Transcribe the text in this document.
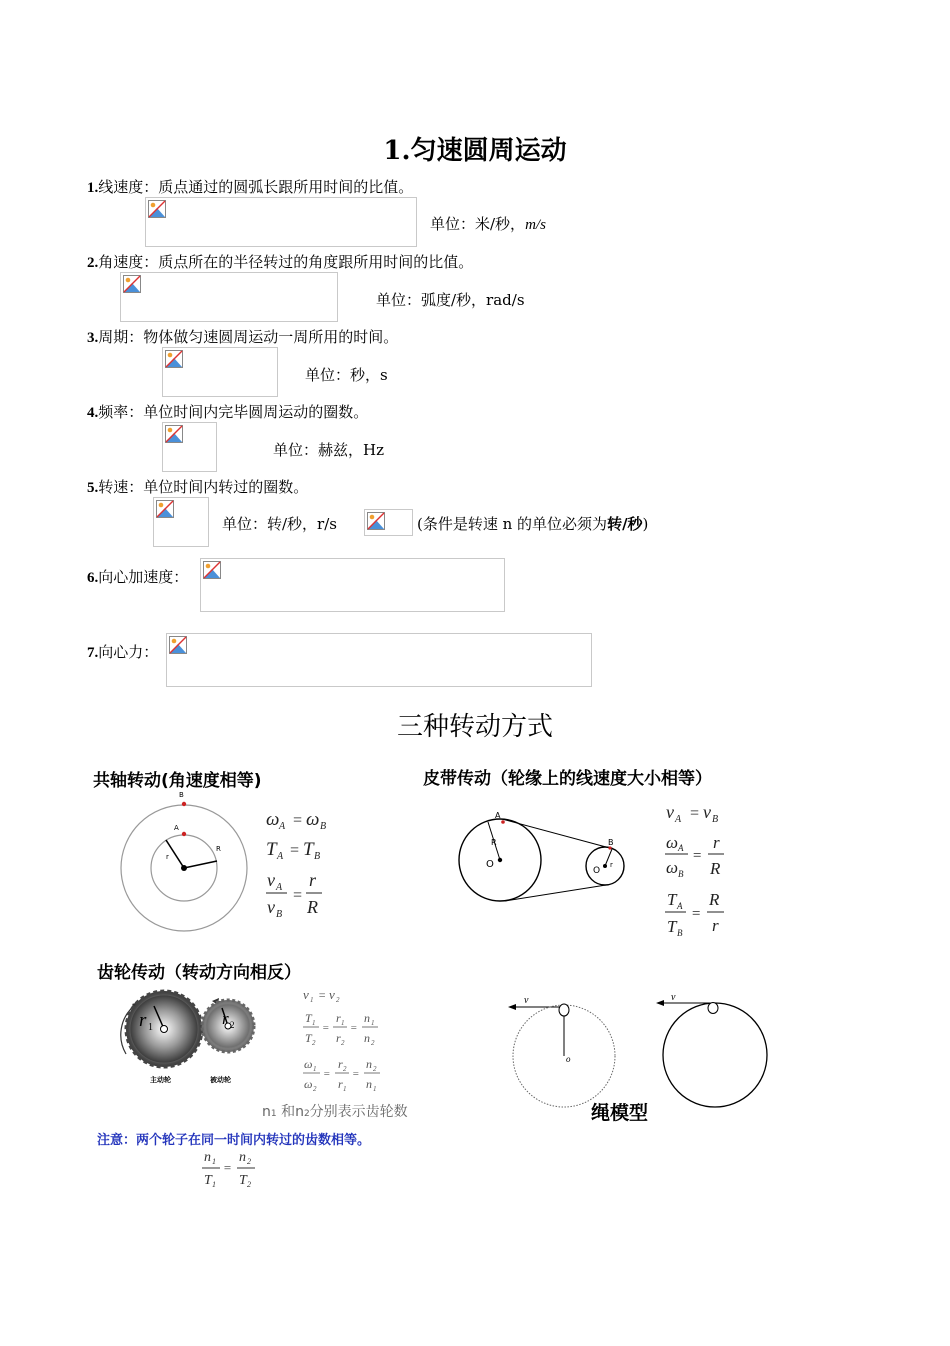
1.匀速圆周运动
1.线速度：质点通过的圆弧长跟所用时间的比值。
单位：米/秒，m/s
2.角速度：质点所在的半径转过的角度跟所用时间的比值。
单位：弧度/秒，rad/s
3.周期：物体做匀速圆周运动一周所用的时间。
单位：秒，s
4.频率：单位时间内完毕圆周运动的圈数。
单位：赫兹，Hz
5.转速：单位时间内转过的圈数。
单位：转/秒，r/s	(条件是转速 n 的单位必须为转/秒)
6.向心加速度：
7.向心力：
三种转动方式
共轴转动(角速度相等)
B
A
r
R
ω A = ω B
T A = T B
v A
v B
=
r
R
皮带传动（轮缘上的线速度大小相等）
A
B
R
r
O
O
v A = v B
ω A
ω B
=
r
R
T A
T B
=
R
r
齿轮传动（转动方向相反）
r 1	r 2
主动轮	被动轮
v 1 = v 2
T 1
T 2
=
r 1
r 2
=
n 1
n 2
ω 1
ω 2
=
r 2
r 1
=
n 2
n 1
n1 和n2分别表示齿轮数
注意：两个轮子在同一时间内转过的齿数相等。
n 1
T 1
=
n 2
T 2
v
o
v
绳模型
